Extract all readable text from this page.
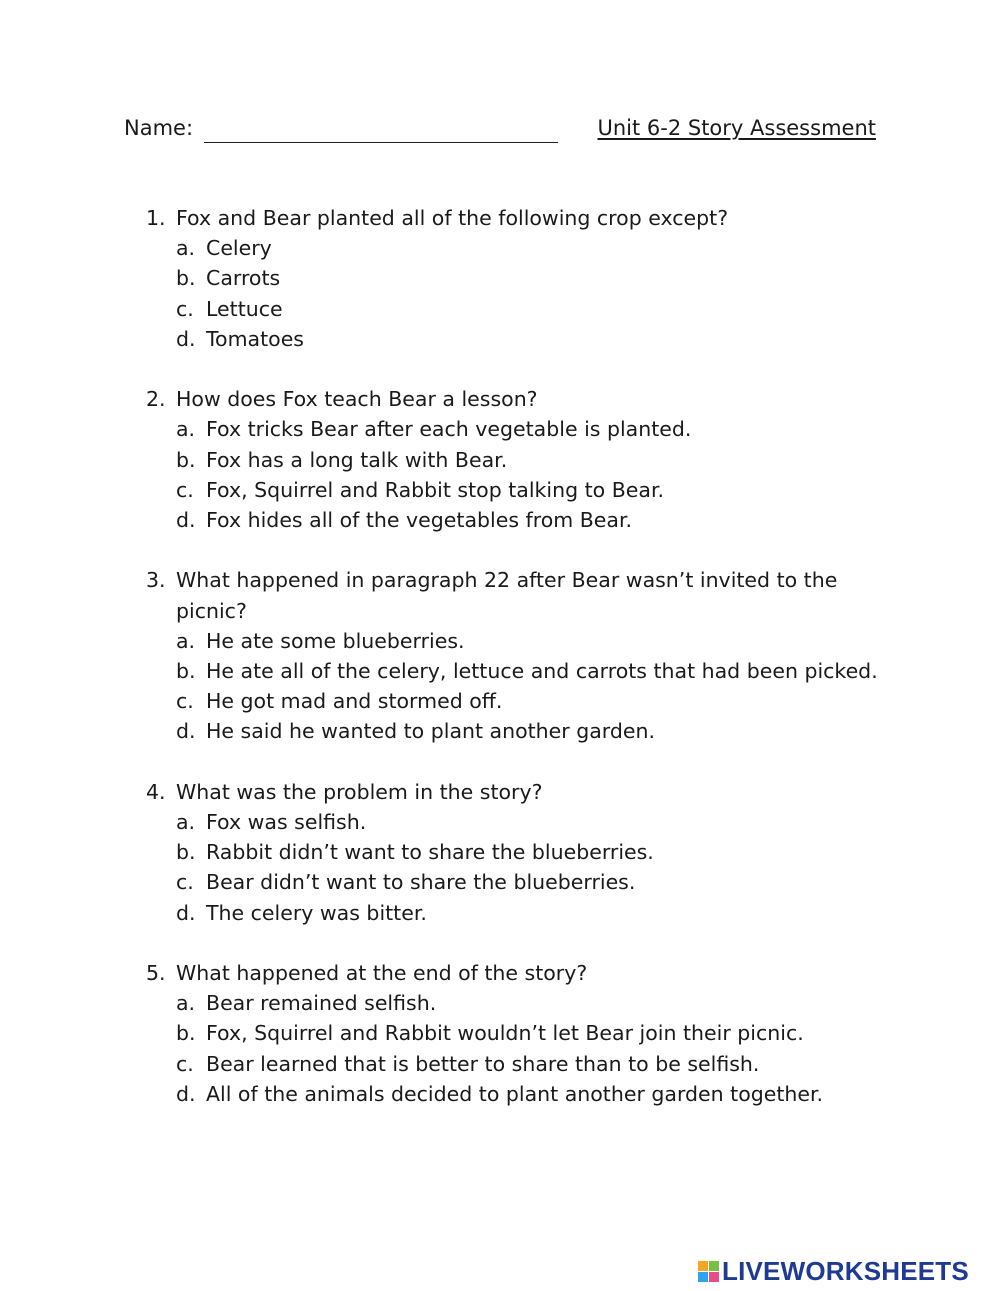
Name:	Unit 6-2 Story Assessment
1. Fox and Bear planted all of the following crop except?
a. Celery
b. Carrots
c. Lettuce
d. Tomatoes
2. How does Fox teach Bear a lesson?
a. Fox tricks Bear after each vegetable is planted.
b. Fox has a long talk with Bear.
c. Fox, Squirrel and Rabbit stop talking to Bear.
d. Fox hides all of the vegetables from Bear.
3. What happened in paragraph 22 after Bear wasn’t invited to the picnic?
a. He ate some blueberries.
b. He ate all of the celery, lettuce and carrots that had been picked.
c. He got mad and stormed off.
d. He said he wanted to plant another garden.
4. What was the problem in the story?
a. Fox was selfish.
b. Rabbit didn’t want to share the blueberries.
c. Bear didn’t want to share the blueberries.
d. The celery was bitter.
5. What happened at the end of the story?
a. Bear remained selfish.
b. Fox, Squirrel and Rabbit wouldn’t let Bear join their picnic.
c. Bear learned that is better to share than to be selfish.
d. All of the animals decided to plant another garden together.
LIVEWORKSHEETS
